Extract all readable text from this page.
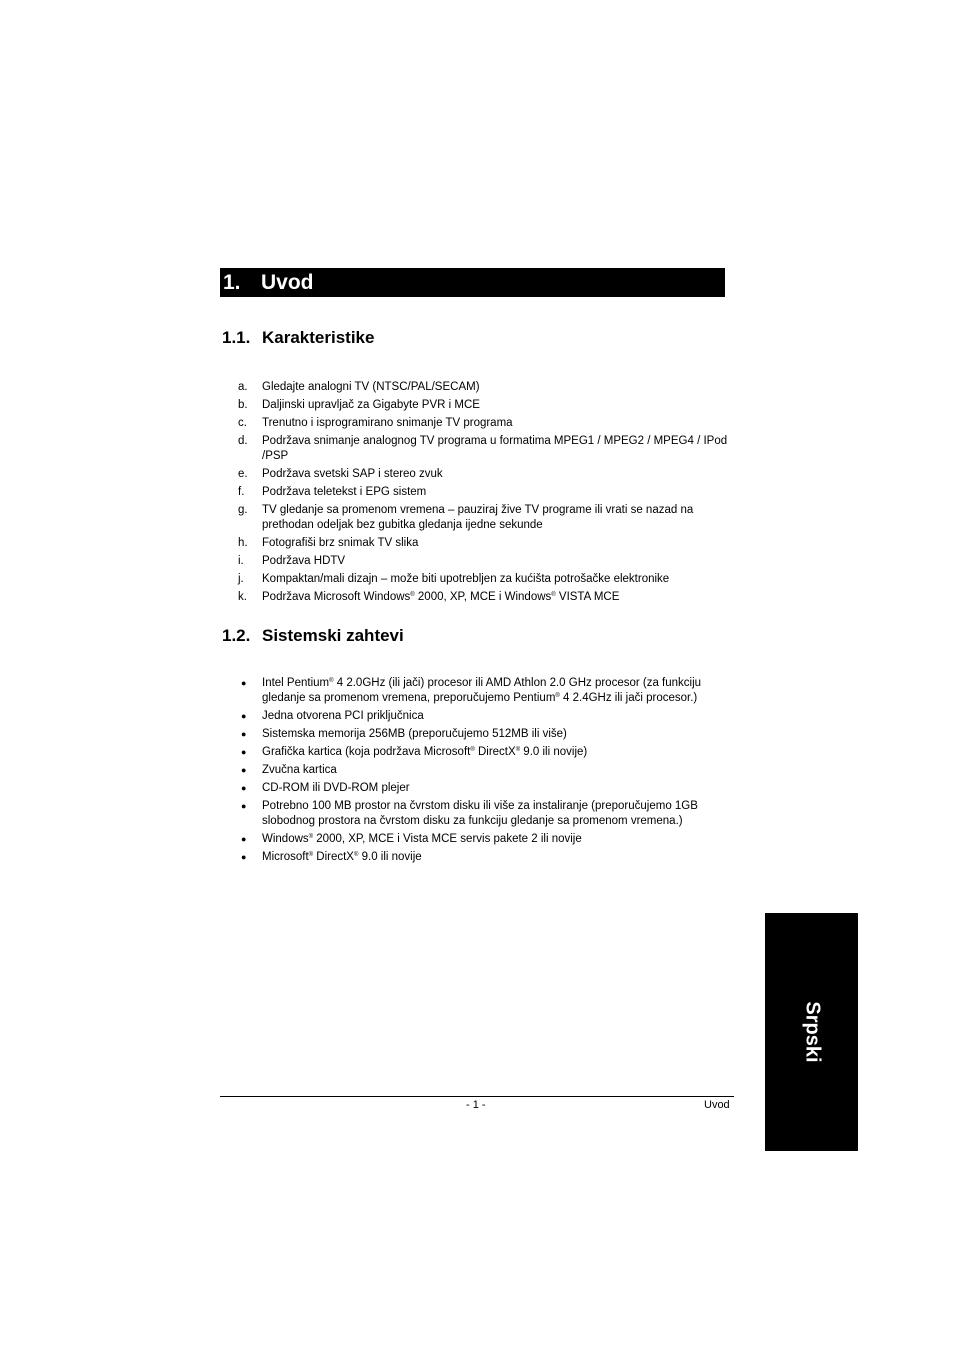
1. Uvod
1.1. Karakteristike
a. Gledajte analogni TV (NTSC/PAL/SECAM)
b. Daljinski upravljač za Gigabyte PVR i MCE
c. Trenutno i isprogramirano snimanje TV programa
d. Podržava snimanje analognog TV programa u formatima MPEG1 / MPEG2 / MPEG4 / IPod /PSP
e. Podržava svetski SAP i stereo zvuk
f. Podržava teletekst i EPG sistem
g. TV gledanje sa promenom vremena – pauziraj žive TV programe ili vrati se nazad na prethodan odeljak bez gubitka gledanja ijedne sekunde
h. Fotografiši brz snimak TV slika
i. Podržava HDTV
j. Kompaktan/mali dizajn – može biti upotrebljen za kućišta potrošačke elektronike
k. Podržava Microsoft Windows® 2000, XP, MCE i Windows® VISTA MCE
1.2. Sistemski zahtevi
● Intel Pentium® 4 2.0GHz (ili jači) procesor ili AMD Athlon 2.0 GHz procesor (za funkciju gledanje sa promenom vremena, preporučujemo Pentium® 4 2.4GHz ili jači procesor.)
● Jedna otvorena PCI priključnica
● Sistemska memorija 256MB (preporučujemo 512MB ili više)
● Grafička kartica (koja podržava Microsoft® DirectX® 9.0 ili novije)
● Zvučna kartica
● CD-ROM ili DVD-ROM plejer
● Potrebno 100 MB prostor na čvrstom disku ili više za instaliranje (preporučujemo 1GB slobodnog prostora na čvrstom disku za funkciju gledanje sa promenom vremena.)
● Windows® 2000, XP, MCE i Vista MCE servis pakete 2 ili novije
● Microsoft® DirectX® 9.0 ili novije
- 1 -	Uvod
Srpski
